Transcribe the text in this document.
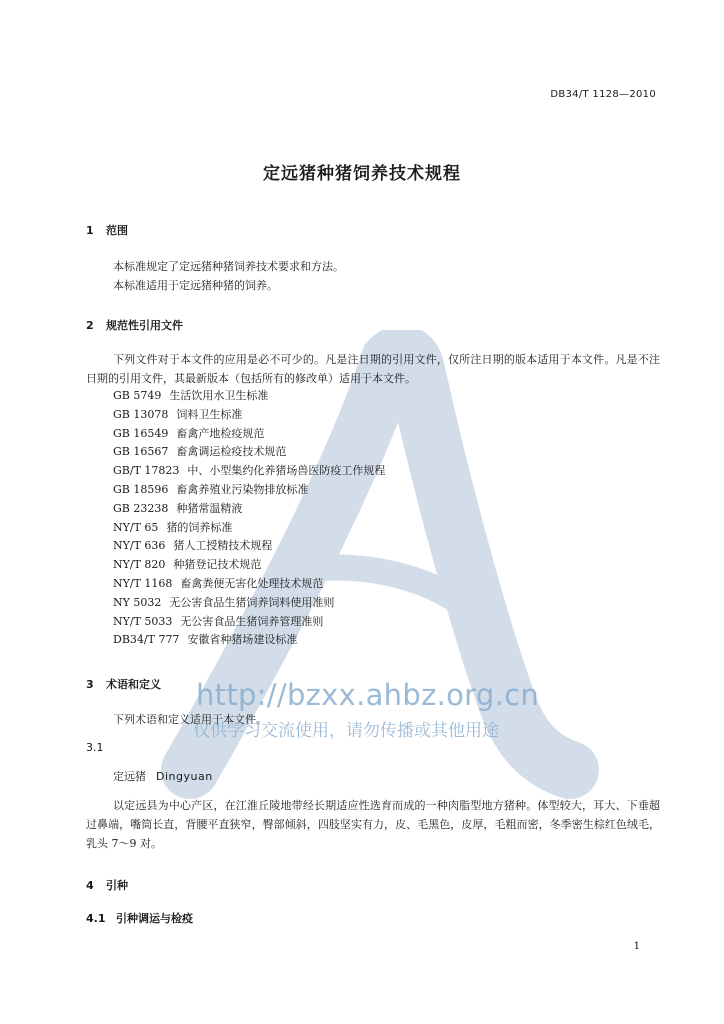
DB34/T 1128—2010
定远猪种猪饲养技术规程
1 范围
本标准规定了定远猪种猪饲养技术要求和方法。
本标准适用于定远猪种猪的饲养。
2 规范性引用文件
下列文件对于本文件的应用是必不可少的。凡是注日期的引用文件，仅所注日期的版本适用于本文件。凡是不注日期的引用文件，其最新版本（包括所有的修改单）适用于本文件。
GB 5749 生活饮用水卫生标准
GB 13078 饲料卫生标准
GB 16549 畜禽产地检疫规范
GB 16567 畜禽调运检疫技术规范
GB/T 17823 中、小型集约化养猪场兽医防疫工作规程
GB 18596 畜禽养殖业污染物排放标准
GB 23238 种猪常温精液
NY/T 65 猪的饲养标准
NY/T 636 猪人工授精技术规程
NY/T 820 种猪登记技术规范
NY/T 1168 畜禽粪便无害化处理技术规范
NY 5032 无公害食品生猪饲养饲料使用准则
NY/T 5033 无公害食品生猪饲养管理准则
DB34/T 777 安徽省种猪场建设标准
3 术语和定义
下列术语和定义适用于本文件。
3.1
定远猪 Dingyuan
以定远县为中心产区，在江淮丘陵地带经长期适应性选育而成的一种肉脂型地方猪种。体型较大，耳大、下垂超过鼻端，嘴筒长直，背腰平直狭窄，臀部倾斜，四肢坚实有力，皮、毛黑色，皮厚，毛粗而密，冬季密生棕红色绒毛，乳头 7～9 对。
4 引种
4.1 引种调运与检疫
http://bzxx.ahbz.org.cn
仅供学习交流使用，请勿传播或其他用途
1
